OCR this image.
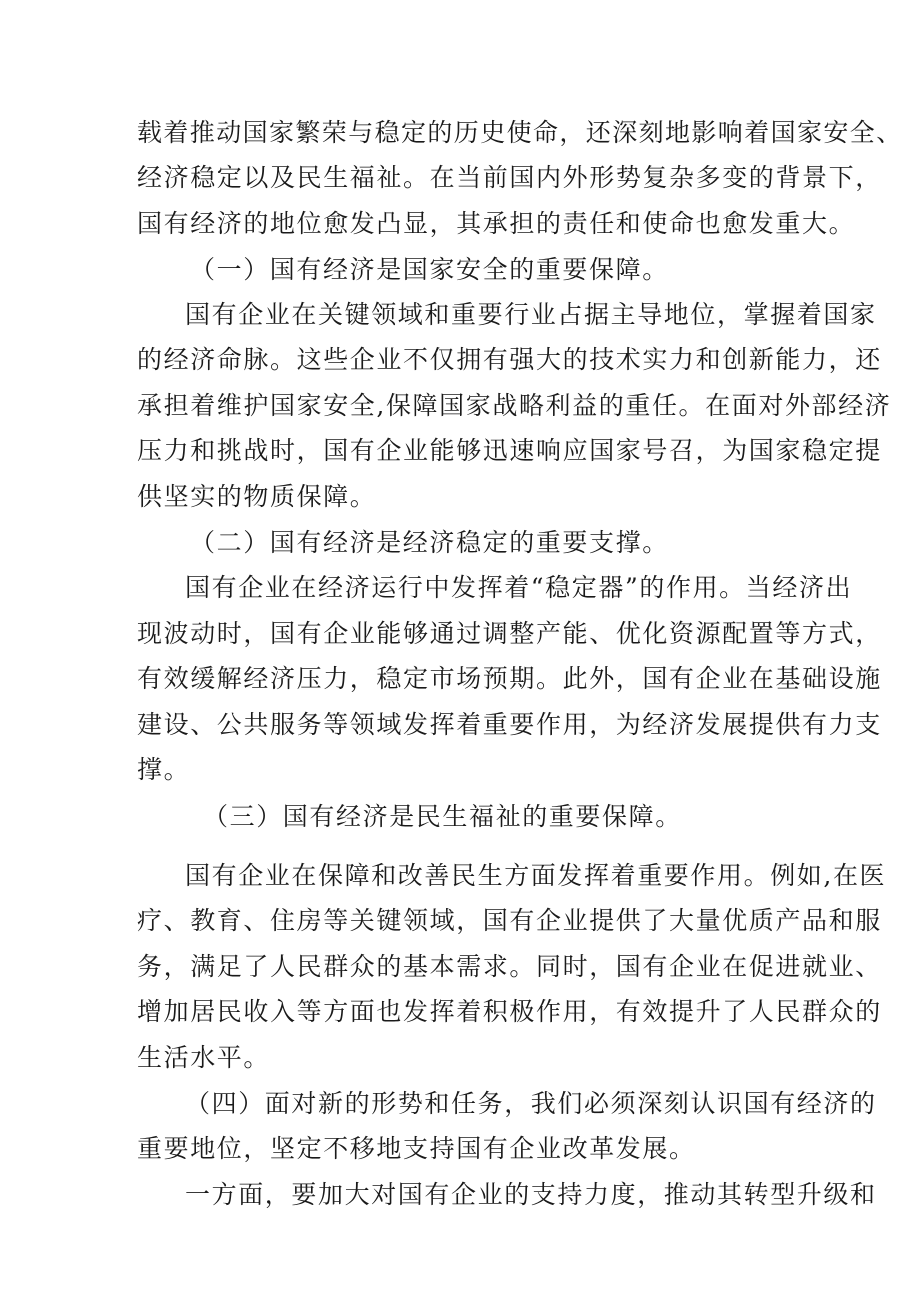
载着推动国家繁荣与稳定的历史使命，还深刻地影响着国家安全、
经济稳定以及民生福祉。在当前国内外形势复杂多变的背景下，
国有经济的地位愈发凸显，其承担的责任和使命也愈发重大。
（一）国有经济是国家安全的重要保障。
国有企业在关键领域和重要行业占据主导地位，掌握着国家
的经济命脉。这些企业不仅拥有强大的技术实力和创新能力，还
承担着维护国家安全,保障国家战略利益的重任。在面对外部经济
压力和挑战时，国有企业能够迅速响应国家号召，为国家稳定提
供坚实的物质保障。
（二）国有经济是经济稳定的重要支撑。
国有企业在经济运行中发挥着“稳定器”的作用。当经济出
现波动时，国有企业能够通过调整产能、优化资源配置等方式，
有效缓解经济压力，稳定市场预期。此外，国有企业在基础设施
建设、公共服务等领域发挥着重要作用，为经济发展提供有力支
撑。
（三）国有经济是民生福祉的重要保障。
国有企业在保障和改善民生方面发挥着重要作用。例如,在医
疗、教育、住房等关键领域，国有企业提供了大量优质产品和服
务，满足了人民群众的基本需求。同时，国有企业在促进就业、
增加居民收入等方面也发挥着积极作用，有效提升了人民群众的
生活水平。
（四）面对新的形势和任务，我们必须深刻认识国有经济的
重要地位，坚定不移地支持国有企业改革发展。
一方面，要加大对国有企业的支持力度，推动其转型升级和
